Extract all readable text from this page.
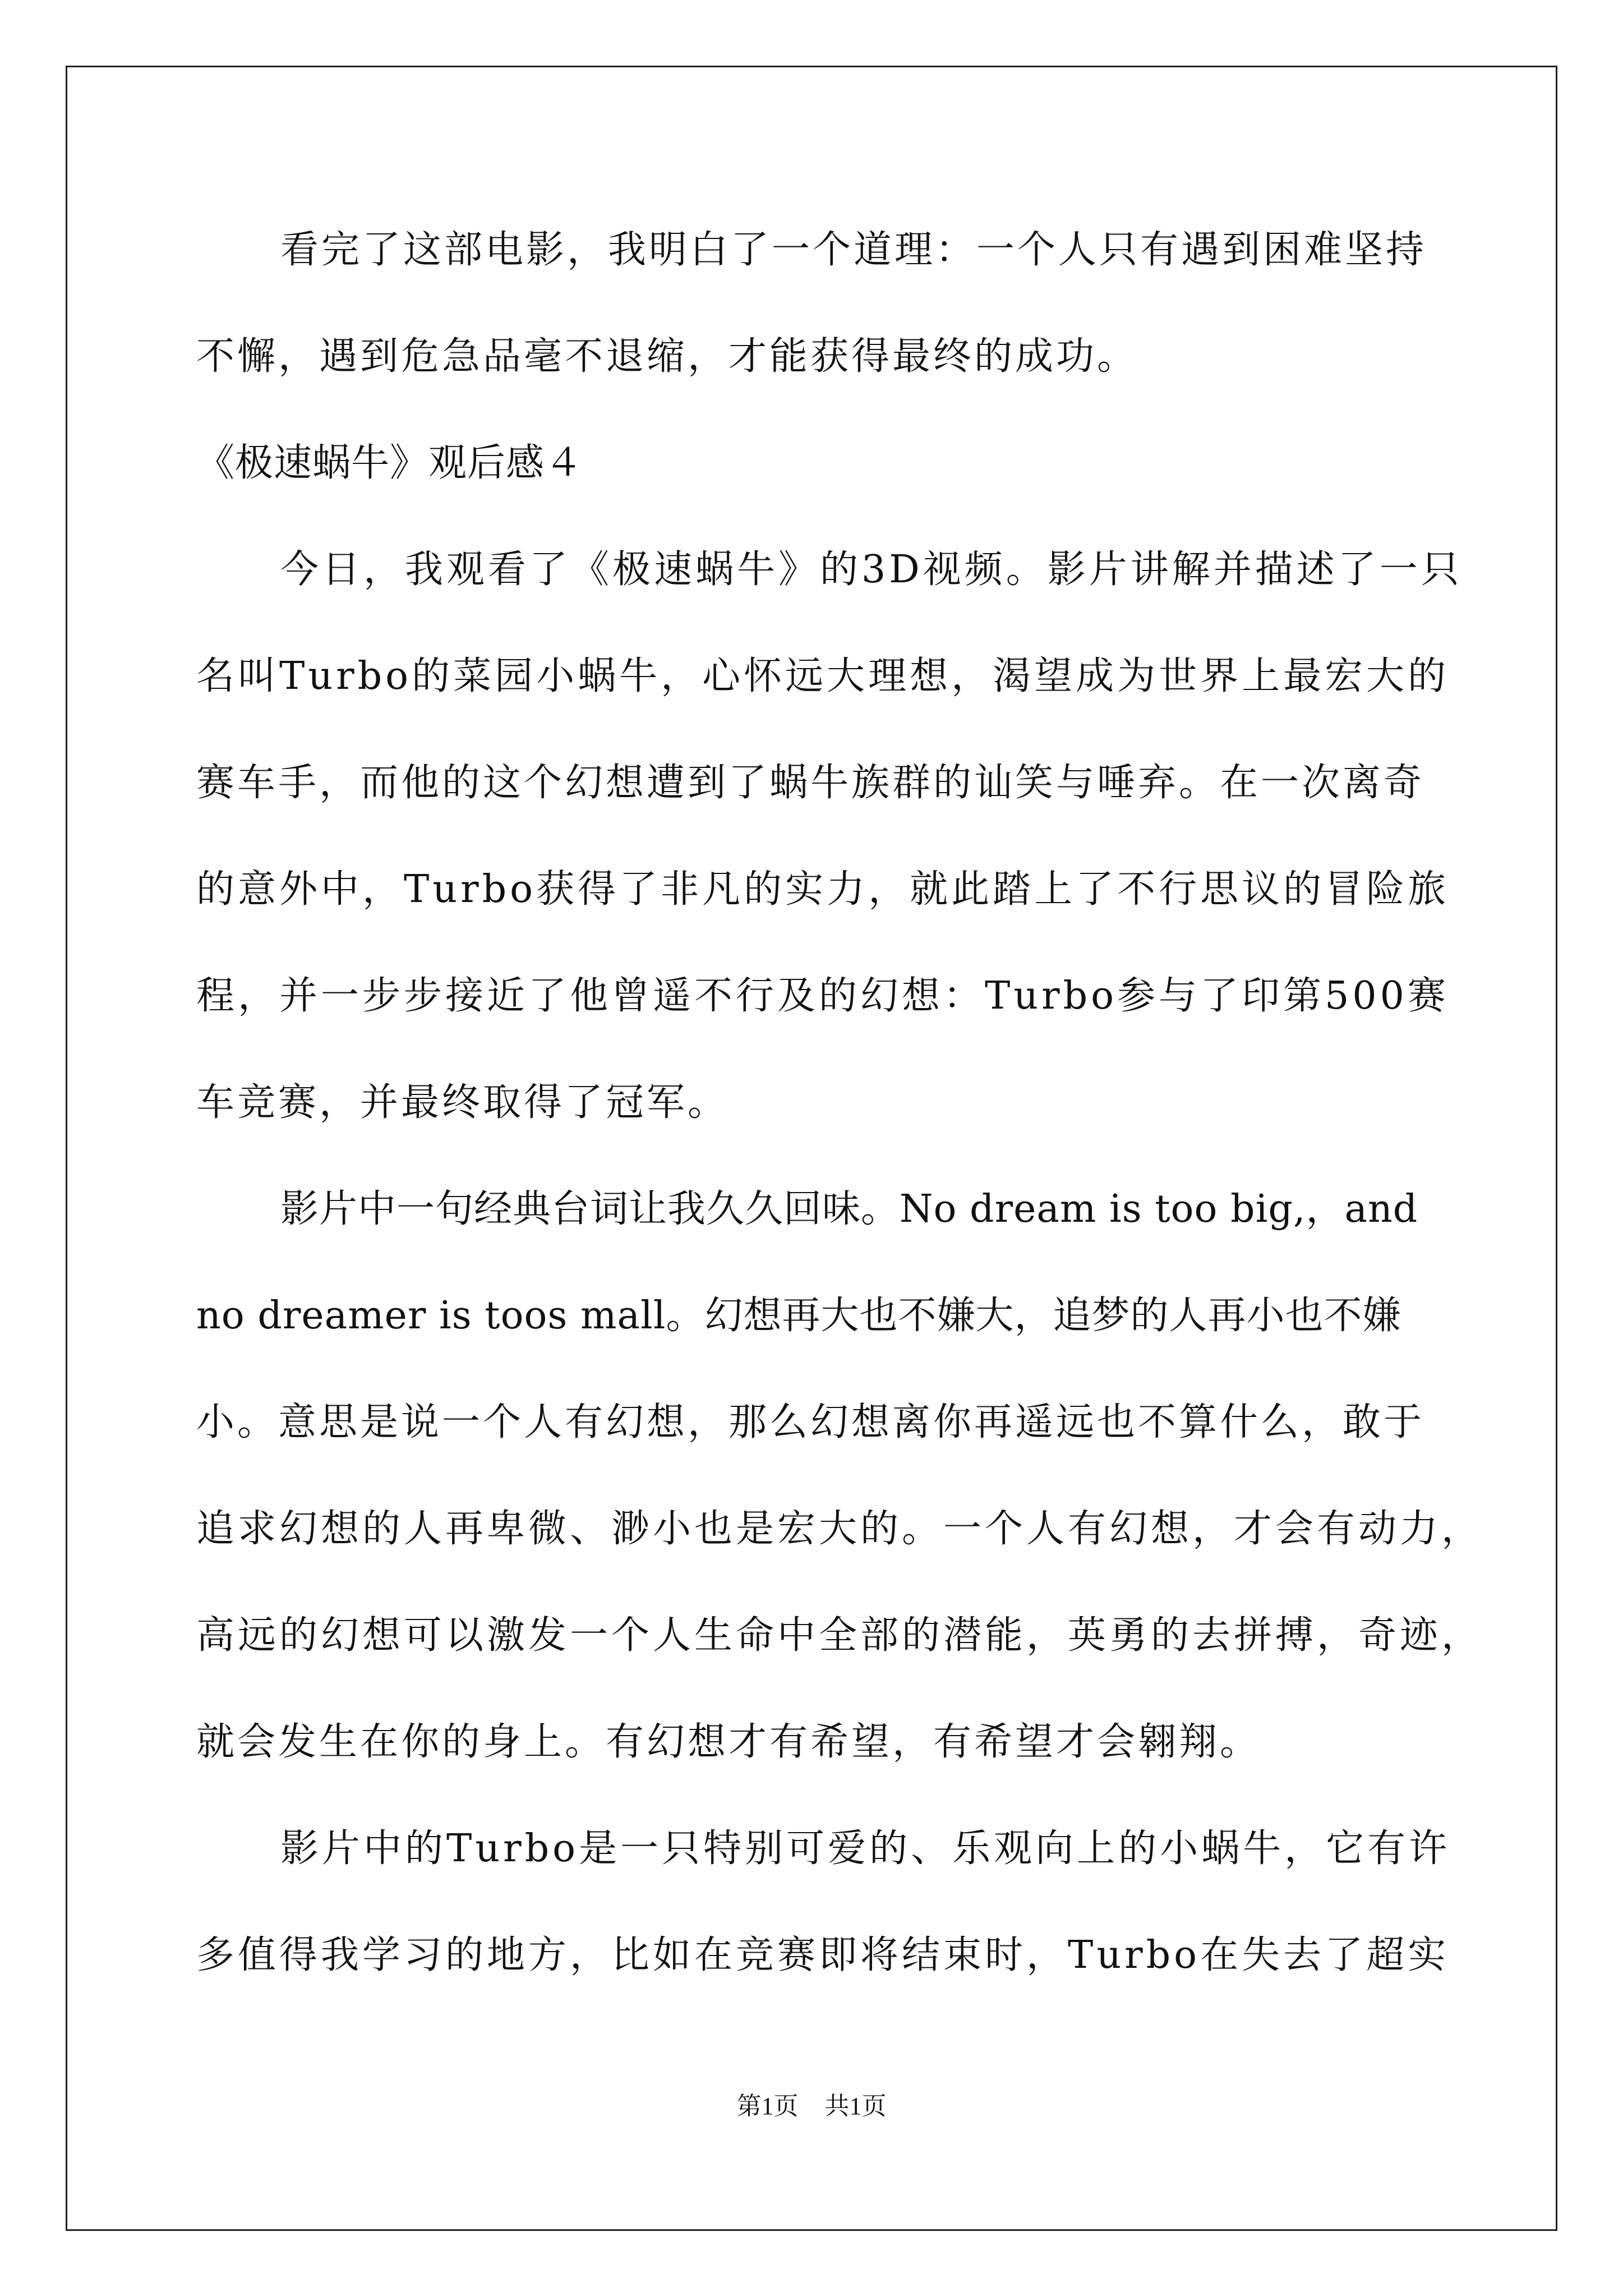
看完了这部电影，我明白了一个道理：一个人只有遇到困难坚持
不懈，遇到危急品毫不退缩，才能获得最终的成功。
《极速蜗牛》观后感４
今日，我观看了《极速蜗牛》的3D视频。影片讲解并描述了一只
名叫Turbo的菜园小蜗牛，心怀远大理想，渴望成为世界上最宏大的
赛车手，而他的这个幻想遭到了蜗牛族群的讪笑与唾弃。在一次离奇
的意外中，Turbo获得了非凡的实力，就此踏上了不行思议的冒险旅
程，并一步步接近了他曾遥不行及的幻想：Turbo参与了印第500赛
车竞赛，并最终取得了冠军。
影片中一句经典台词让我久久回味。No dream is too big,，and
no dreamer is toos mall。幻想再大也不嫌大，追梦的人再小也不嫌
小。意思是说一个人有幻想，那么幻想离你再遥远也不算什么，敢于
追求幻想的人再卑微、渺小也是宏大的。一个人有幻想，才会有动力，
高远的幻想可以激发一个人生命中全部的潜能，英勇的去拼搏，奇迹，
就会发生在你的身上。有幻想才有希望，有希望才会翱翔。
影片中的Turbo是一只特别可爱的、乐观向上的小蜗牛，它有许
多值得我学习的地方，比如在竞赛即将结束时，Turbo在失去了超实
第1页 共1页
